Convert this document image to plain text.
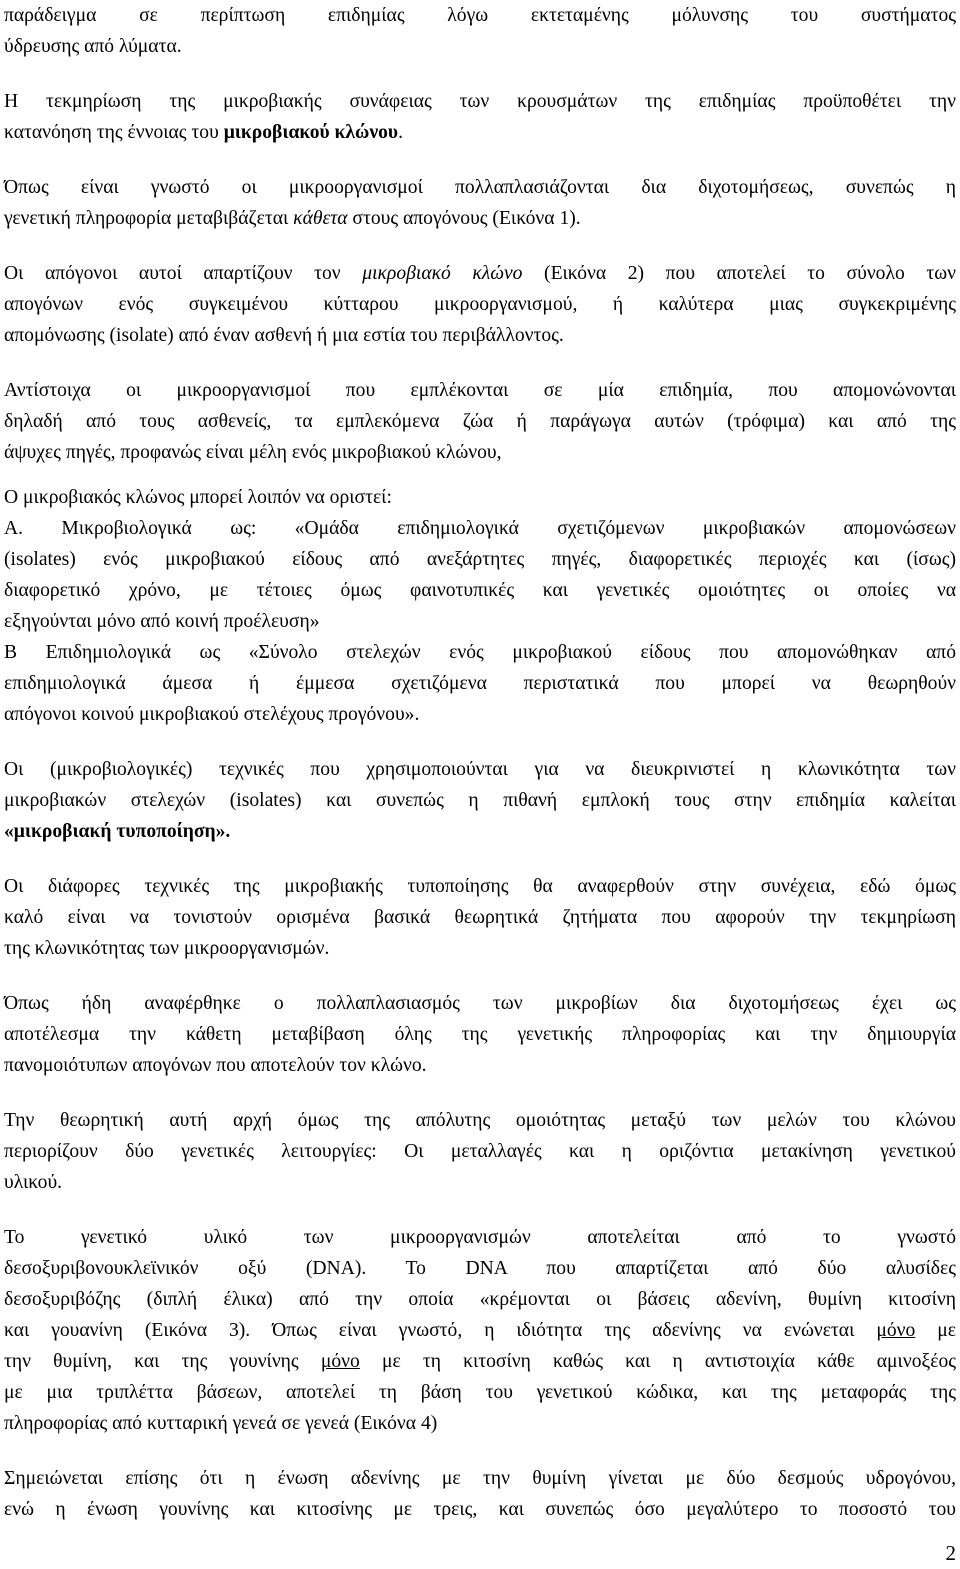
παράδειγμα σε περίπτωση επιδημίας λόγω εκτεταμένης μόλυνσης του συστήματος
ύδρευσης από λύματα.

Η τεκμηρίωση της μικροβιακής συνάφειας των κρουσμάτων της επιδημίας προϋποθέτει την
κατανόηση της έννοιας του μικροβιακού κλώνου.

Όπως είναι γνωστό οι μικροοργανισμοί πολλαπλασιάζονται δια διχοτομήσεως, συνεπώς η
γενετική πληροφορία μεταβιβάζεται κάθετα στους απογόνους (Εικόνα 1).

Οι απόγονοι αυτοί απαρτίζουν τον μικροβιακό κλώνο (Εικόνα 2) που αποτελεί το σύνολο των
απογόνων ενός συγκειμένου κύτταρου μικροοργανισμού, ή καλύτερα μιας συγκεκριμένης
απομόνωσης (isolate) από έναν ασθενή ή μια εστία του περιβάλλοντος.

Αντίστοιχα οι μικροοργανισμοί που εμπλέκονται σε μία επιδημία, που απομονώνονται
δηλαδή από τους ασθενείς, τα εμπλεκόμενα ζώα ή παράγωγα αυτών (τρόφιμα) και από της
άψυχες πηγές, προφανώς είναι μέλη ενός μικροβιακού κλώνου,

Ο μικροβιακός κλώνος μπορεί λοιπόν να οριστεί:
Α. Μικροβιολογικά ως: «Ομάδα επιδημιολογικά σχετιζόμενων μικροβιακών απομονώσεων
(isolates) ενός μικροβιακού είδους από ανεξάρτητες πηγές, διαφορετικές περιοχές και (ίσως)
διαφορετικό χρόνο, με τέτοιες όμως φαινοτυπικές και γενετικές ομοιότητες οι οποίες να
εξηγούνται μόνο από κοινή προέλευση»
Β Επιδημιολογικά ως «Σύνολο στελεχών ενός μικροβιακού είδους που απομονώθηκαν από
επιδημιολογικά άμεσα ή έμμεσα σχετιζόμενα περιστατικά που μπορεί να θεωρηθούν
απόγονοι κοινού μικροβιακού στελέχους προγόνου».

Οι (μικροβιολογικές) τεχνικές που χρησιμοποιούνται για να διευκρινιστεί η κλωνικότητα των
μικροβιακών στελεχών (isolates) και συνεπώς η πιθανή εμπλοκή τους στην επιδημία καλείται
«μικροβιακή τυποποίηση».

Οι διάφορες τεχνικές της μικροβιακής τυποποίησης θα αναφερθούν στην συνέχεια, εδώ όμως
καλό είναι να τονιστούν ορισμένα βασικά θεωρητικά ζητήματα που αφορούν την τεκμηρίωση
της κλωνικότητας των μικροοργανισμών.

Όπως ήδη αναφέρθηκε ο πολλαπλασιασμός των μικροβίων δια διχοτομήσεως έχει ως
αποτέλεσμα την κάθετη μεταβίβαση όλης της γενετικής πληροφορίας και την δημιουργία
πανομοιότυπων απογόνων που αποτελούν τον κλώνο.

Την θεωρητική αυτή αρχή όμως της απόλυτης ομοιότητας μεταξύ των μελών του κλώνου
περιορίζουν δύο γενετικές λειτουργίες: Οι μεταλλαγές και η οριζόντια μετακίνηση γενετικού
υλικού.

Το γενετικό υλικό των μικροοργανισμών αποτελείται από το γνωστό
δεσοξυριβονουκλεϊνικόν οξύ (DNA). Το DNA που απαρτίζεται από δύο αλυσίδες
δεσοξυριβόζης (διπλή έλικα) από την οποία «κρέμονται οι βάσεις αδενίνη, θυμίνη κιτοσίνη
και γουανίνη (Εικόνα 3). Όπως είναι γνωστό, η ιδιότητα της αδενίνης να ενώνεται μόνο με
την θυμίνη, και της γουνίνης μόνο με τη κιτοσίνη καθώς και η αντιστοιχία κάθε αμινοξέος
με μια τριπλέττα βάσεων, αποτελεί τη βάση του γενετικού κώδικα, και της μεταφοράς της
πληροφορίας από κυτταρική γενεά σε γενεά (Εικόνα 4)

Σημειώνεται επίσης ότι η ένωση αδενίνης με την θυμίνη γίνεται με δύο δεσμούς υδρογόνου,
ενώ η ένωση γουνίνης και κιτοσίνης με τρεις, και συνεπώς όσο μεγαλύτερο το ποσοστό του

2
